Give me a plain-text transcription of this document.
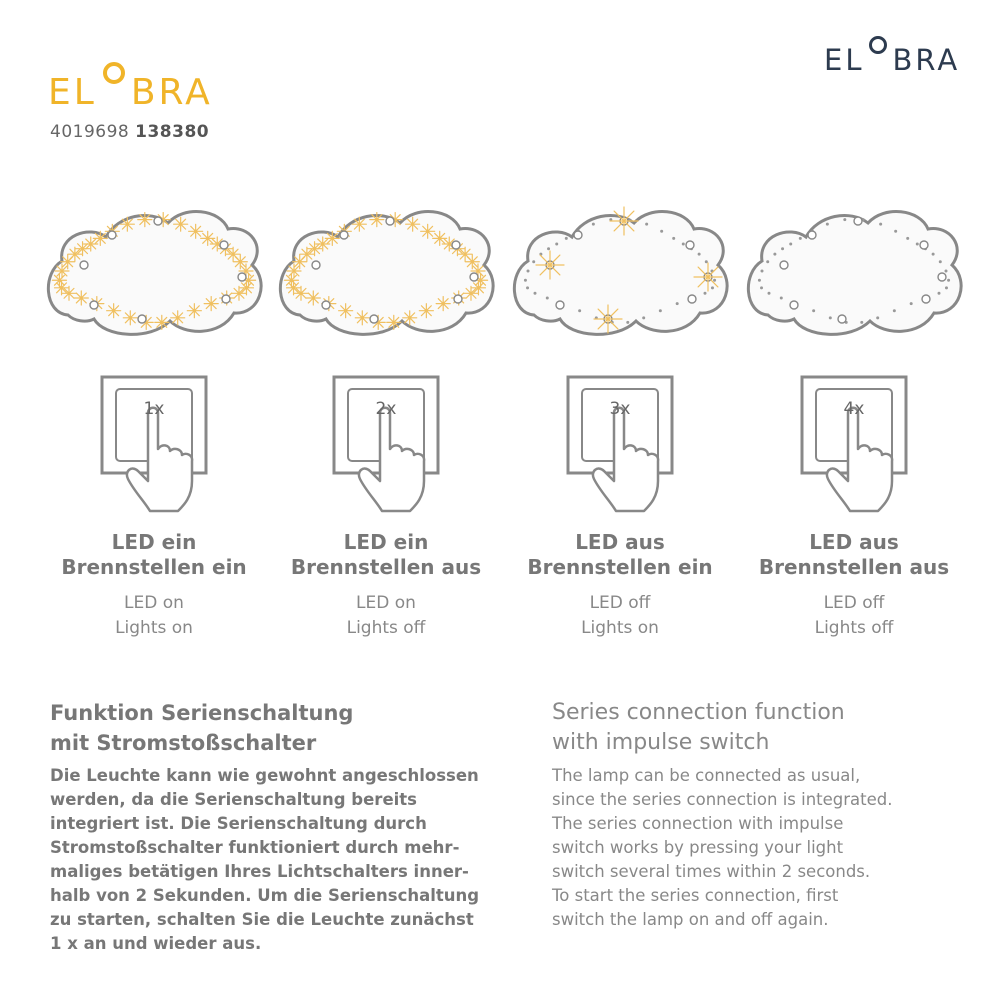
EL BRA
EL BRA
4019698 138380
1x
LED ein
Brennstellen ein
LED on
Lights on
2x
LED ein
Brennstellen aus
LED on
Lights off
3x
LED aus
Brennstellen ein
LED off
Lights on
4x
LED aus
Brennstellen aus
LED off
Lights off
Funktion Serienschaltung
mit Stromstoßschalter
Die Leuchte kann wie gewohnt angeschlossen
werden, da die Serienschaltung bereits
integriert ist. Die Serienschaltung durch
Stromstoßschalter funktioniert durch mehr-
maliges betätigen Ihres Lichtschalters inner-
halb von 2 Sekunden. Um die Serienschaltung
zu starten, schalten Sie die Leuchte zunächst
1 x an und wieder aus.
Series connection function
with impulse switch
The lamp can be connected as usual,
since the series connection is integrated.
The series connection with impulse
switch works by pressing your light
switch several times within 2 seconds.
To start the series connection, first
switch the lamp on and off again.
